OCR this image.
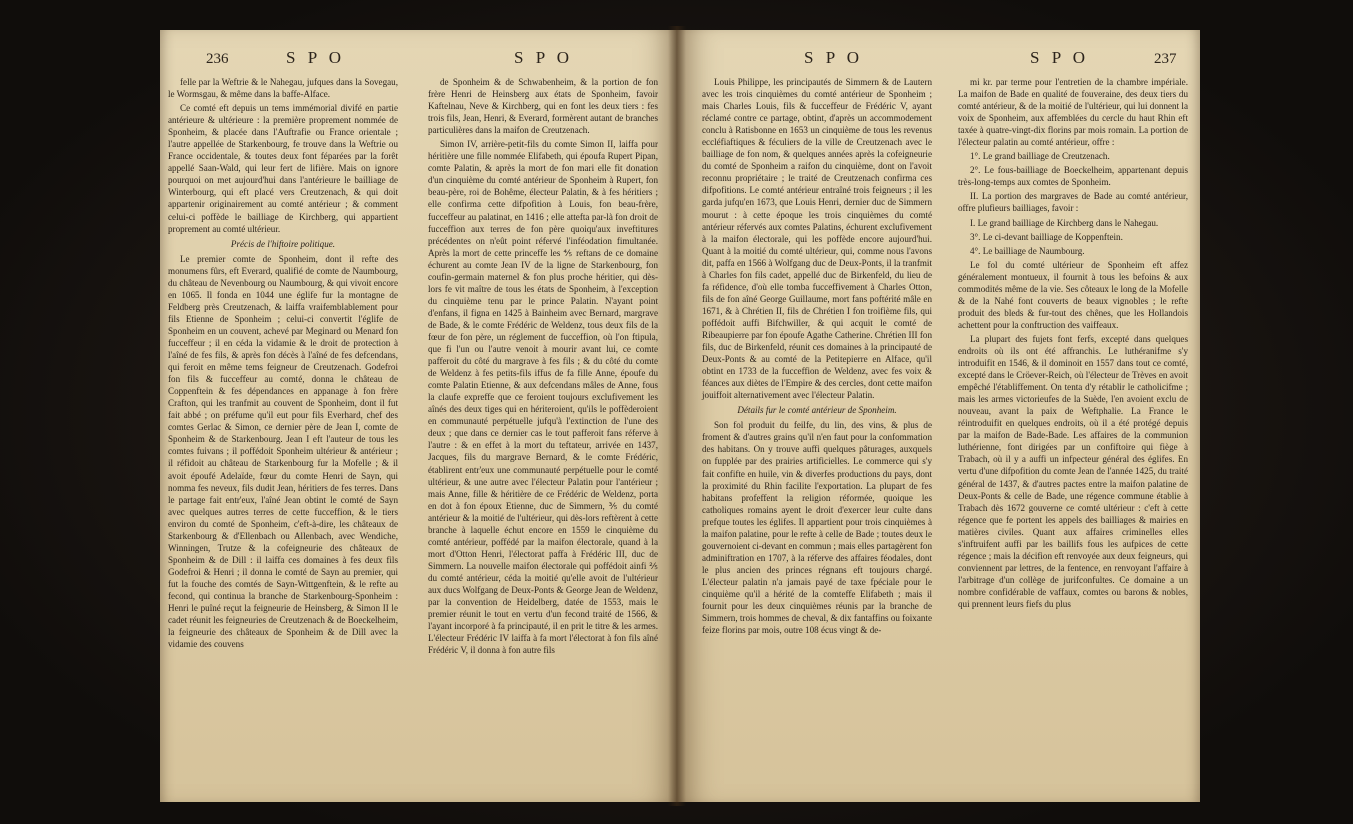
236	S P O	S P O

felle par la Weftrie & le Nahegau, jufques dans la Sovegau, le Wormsgau, & même dans la baffe-Alface.

Ce comté eft depuis un tems immémorial divifé en partie antérieure & ultérieure : la première proprement nommée de Sponheim, & placée dans l'Auftrafie ou France orientale ; l'autre appellée de Starkenbourg, fe trouve dans la Weftrie ou France occidentale, & toutes deux font féparées par la forêt appellé Saan-Wald, qui leur fert de lifière. Mais on ignore pourquoi on met aujourd'hui dans l'antérieure le bailliage de Winterbourg, qui eft placé vers Creutzenach, & qui doit appartenir originairement au comté antérieur ; & comment celui-ci poffède le bailliage de Kirchberg, qui appartient proprement au comté ultérieur.

Précis de l'hiftoire politique.

Le premier comte de Sponheim, dont il refte des monumens fûrs, eft Everard, qualifié de comte de Naumbourg, du château de Nevenbourg ou Naumbourg, & qui vivoit encore en 1065. Il fonda en 1044 une églife fur la montagne de Feldberg près Creutzenach, & laiffa vraifemblablement pour fils Etienne de Sponheim ; celui-ci convertit l'églife de Sponheim en un couvent, achevé par Meginard ou Menard fon fucceffeur ; il en céda la vidamie & le droit de protection à l'aîné de fes fils, & après fon décès à l'aîné de fes defcendans, qui feroit en même tems feigneur de Creutzenach. Godefroi fon fils & fucceffeur au comté, donna le château de Coppenftein & fes dépendances en appanage à fon frère Crafton, qui les tranfmit au couvent de Sponheim, dont il fut fait abbé ; on préfume qu'il eut pour fils Everhard, chef des comtes Gerlac & Simon, ce dernier père de Jean I, comte de Sponheim & de Starkenbourg. Jean I eft l'auteur de tous les comtes fuivans ; il poffédoit Sponheim ultérieur & antérieur ; il réfidoit au château de Starkenbourg fur la Mofelle ; & il avoit époufé Adelaïde, fœur du comte Henri de Sayn, qui nomma fes neveux, fils dudit Jean, héritiers de fes terres. Dans le partage fait entr'eux, l'aîné Jean obtint le comté de Sayn avec quelques autres terres de cette fucceffion, & le tiers environ du comté de Sponheim, c'eft-à-dire, les châteaux de Starkenbourg & d'Ellenbach ou Allenbach, avec Wendiche, Winningen, Trutze & la cofeigneurie des châteaux de Sponheim & de Dill : il laiffa ces domaines à fes deux fils Godefroi & Henri ; il donna le comté de Sayn au premier, qui fut la fouche des comtés de Sayn-Wittgenftein, & le refte au fecond, qui continua la branche de Starkenbourg-Sponheim : Henri le puîné reçut la feigneurie de Heinsberg, & Simon II le cadet réunit les feigneuries de Creutzenach & de Boeckelheim, la feigneurie des châteaux de Sponheim & de Dill avec la vidamie des couvens

de Sponheim & de Schwabenheim, & la portion de fon frère Henri de Heinsberg aux états de Sponheim, favoir Kaftelnau, Neve & Kirchberg, qui en font les deux tiers : fes trois fils, Jean, Henri, & Everard, formèrent autant de branches particulières dans la maifon de Creutzenach.

Simon IV, arrière-petit-fils du comte Simon II, laiffa pour héritière une fille nommée Elifabeth, qui époufa Rupert Pipan, comte Palatin, & après la mort de fon mari elle fit donation d'un cinquième du comté antérieur de Sponheim à Rupert, fon beau-père, roi de Bohême, électeur Palatin, & à fes héritiers ; elle confirma cette difpofition à Louis, fon beau-frère, fucceffeur au palatinat, en 1416 ; elle attefta par-là fon droit de fucceffion aux terres de fon père quoiqu'aux inveftitures précédentes on n'eût point réfervé l'inféodation fimultanée. Après la mort de cette princeffe les ⅘ reftans de ce domaine échurent au comte Jean IV de la ligne de Starkenbourg, fon coufin-germain maternel & fon plus proche héritier, qui dès-lors fe vit maître de tous les états de Sponheim, à l'exception du cinquième tenu par le prince Palatin. N'ayant point d'enfans, il figna en 1425 à Bainheim avec Bernard, margrave de Bade, & le comte Frédéric de Weldenz, tous deux fils de la fœur de fon père, un réglement de fucceffion, où l'on ftipula, que fi l'un ou l'autre venoit à mourir avant lui, ce comte pafferoit du côté du margrave à fes fils ; & du côté du comte de Weldenz à fes petits-fils iffus de fa fille Anne, époufe du comte Palatin Etienne, & aux defcendans mâles de Anne, fous la claufe expreffe que ce feroient toujours exclufivement les aînés des deux tiges qui en hériteroient, qu'ils le poffèderoient en communauté perpétuelle jufqu'à l'extinction de l'une des deux ; que dans ce dernier cas le tout pafferoit fans réferve à l'autre : & en effet à la mort du teftateur, arrivée en 1437, Jacques, fils du margrave Bernard, & le comte Frédéric, établirent entr'eux une communauté perpétuelle pour le comté ultérieur, & une autre avec l'électeur Palatin pour l'antérieur ; mais Anne, fille & héritière de ce Frédéric de Weldenz, porta en dot à fon époux Etienne, duc de Simmern, ⅗ du comté antérieur & la moitié de l'ultérieur, qui dès-lors reftèrent à cette branche à laquelle échut encore en 1559 le cinquième du comté antérieur, poffédé par la maifon électorale, quand à la mort d'Otton Henri, l'électorat paffa à Frédéric III, duc de Simmern. La nouvelle maifon électorale qui poffédoit ainfi ⅖ du comté antérieur, céda la moitié qu'elle avoit de l'ultérieur aux ducs Wolfgang de Deux-Ponts & George Jean de Weldenz, par la convention de Heidelberg, datée de 1553, mais le premier réunit le tout en vertu d'un fecond traité de 1566, & l'ayant incorporé à fa principauté, il en prit le titre & les armes. L'électeur Frédéric IV laiffa à fa mort l'électorat à fon fils aîné Frédéric V, il donna à fon autre fils

S P O	S P O	237

Louis Philippe, les principautés de Simmern & de Lautern avec les trois cinquièmes du comté antérieur de Sponheim ; mais Charles Louis, fils & fucceffeur de Frédéric V, ayant réclamé contre ce partage, obtint, d'après un accommodement conclu à Ratisbonne en 1653 un cinquième de tous les revenus eccléfiaftiques & féculiers de la ville de Creutzenach avec le bailliage de fon nom, & quelques années après la cofeigneurie du comté de Sponheim a raifon du cinquième, dont on l'avoit reconnu propriétaire ; le traité de Creutzenach confirma ces difpofitions. Le comté antérieur entraîné trois feigneurs ; il les garda jufqu'en 1673, que Louis Henri, dernier duc de Simmern mourut : à cette époque les trois cinquièmes du comté antérieur réfervés aux comtes Palatins, échurent exclufivement à la maifon électorale, qui les poffède encore aujourd'hui. Quant à la moitié du comté ultérieur, qui, comme nous l'avons dit, paffa en 1566 à Wolfgang duc de Deux-Ponts, il la tranfmit à Charles fon fils cadet, appellé duc de Birkenfeld, du lieu de fa réfidence, d'où elle tomba fucceffivement à Charles Otton, fils de fon aîné George Guillaume, mort fans poftérité mâle en 1671, & à Chrétien II, fils de Chrétien I fon troifième fils, qui poffédoit auffi Bifchwiller, & qui acquit le comté de Ribeaupierre par fon époufe Agathe Catherine. Chrétien III fon fils, duc de Birkenfeld, réunit ces domaines à la principauté de Deux-Ponts & au comté de la Petitepierre en Alface, qu'il obtint en 1733 de la fucceffion de Weldenz, avec fes voix & féances aux diètes de l'Empire & des cercles, dont cette maifon jouiffoit alternativement avec l'électeur Palatin.

Détails fur le comté antérieur de Sponheim.

Son fol produit du feilfe, du lin, des vins, & plus de froment & d'autres grains qu'il n'en faut pour la confommation des habitans. On y trouve auffi quelques pâturages, auxquels on fupplée par des prairies artificielles. Le commerce qui s'y fait confifte en huile, vin & diverfes productions du pays, dont la proximité du Rhin facilite l'exportation. La plupart de fes habitans profeffent la religion réformée, quoique les catholiques romains ayent le droit d'exercer leur culte dans prefque toutes les églifes. Il appartient pour trois cinquièmes à la maifon palatine, pour le refte à celle de Bade ; toutes deux le gouvernoient ci-devant en commun ; mais elles partagèrent fon adminiftration en 1707, à la réferve des affaires féodales, dont le plus ancien des princes régnans eft toujours chargé. L'électeur palatin n'a jamais payé de taxe fpéciale pour le cinquième qu'il a hérité de la comteffe Elifabeth ; mais il fournit pour les deux cinquièmes réunis par la branche de Simmern, trois hommes de cheval, & dix fantaffins ou foixante feize florins par mois, outre 108 écus vingt & de-

mi kr. par terme pour l'entretien de la chambre impériale. La maifon de Bade en qualité de fouveraine, des deux tiers du comté antérieur, & de la moitié de l'ultérieur, qui lui donnent la voix de Sponheim, aux affemblées du cercle du haut Rhin eft taxée à quatre-vingt-dix florins par mois romain. La portion de l'électeur palatin au comté antérieur, offre :

1°. Le grand bailliage de Creutzenach.

2°. Le fous-bailliage de Boeckelheim, appartenant depuis très-long-temps aux comtes de Sponheim.

II. La portion des margraves de Bade au comté antérieur, offre plufieurs bailliages, favoir :

I. Le grand bailliage de Kirchberg dans le Nahegau.

3°. Le ci-devant bailliage de Koppenftein.

4°. Le bailliage de Naumbourg.

Le fol du comté ultérieur de Sponheim eft affez généralement montueux, il fournit à tous les befoins & aux commodités même de la vie. Ses côteaux le long de la Mofelle & de la Nahé font couverts de beaux vignobles ; le refte produit des bleds & fur-tout des chênes, que les Hollandois achettent pour la conftruction des vaiffeaux.

La plupart des fujets font ferfs, excepté dans quelques endroits où ils ont été affranchis. Le luthéranifme s'y introduifit en 1546, & il dominoit en 1557 dans tout ce comté, excepté dans le Cröever-Reich, où l'électeur de Trèves en avoit empêché l'établiffement. On tenta d'y rétablir le catholicifme ; mais les armes victorieufes de la Suède, l'en avoient exclu de nouveau, avant la paix de Weftphalie. La France le réintroduifit en quelques endroits, où il a été protégé depuis par la maifon de Bade-Bade. Les affaires de la communion luthérienne, font dirigées par un confiftoire qui fiège à Trabach, où il y a auffi un infpecteur général des églifes. En vertu d'une difpofition du comte Jean de l'année 1425, du traité général de 1437, & d'autres pactes entre la maifon palatine de Deux-Ponts & celle de Bade, une régence commune établie à Trabach dès 1672 gouverne ce comté ultérieur : c'eft à cette régence que fe portent les appels des bailliages & mairies en matières civiles. Quant aux affaires criminelles elles s'inftruifent auffi par les baillifs fous les aufpices de cette régence ; mais la décifion eft renvoyée aux deux feigneurs, qui conviennent par lettres, de la fentence, en renvoyant l'affaire à l'arbitrage d'un collège de jurifconfultes. Ce domaine a un nombre confidérable de vaffaux, comtes ou barons & nobles, qui prennent leurs fiefs du plus
